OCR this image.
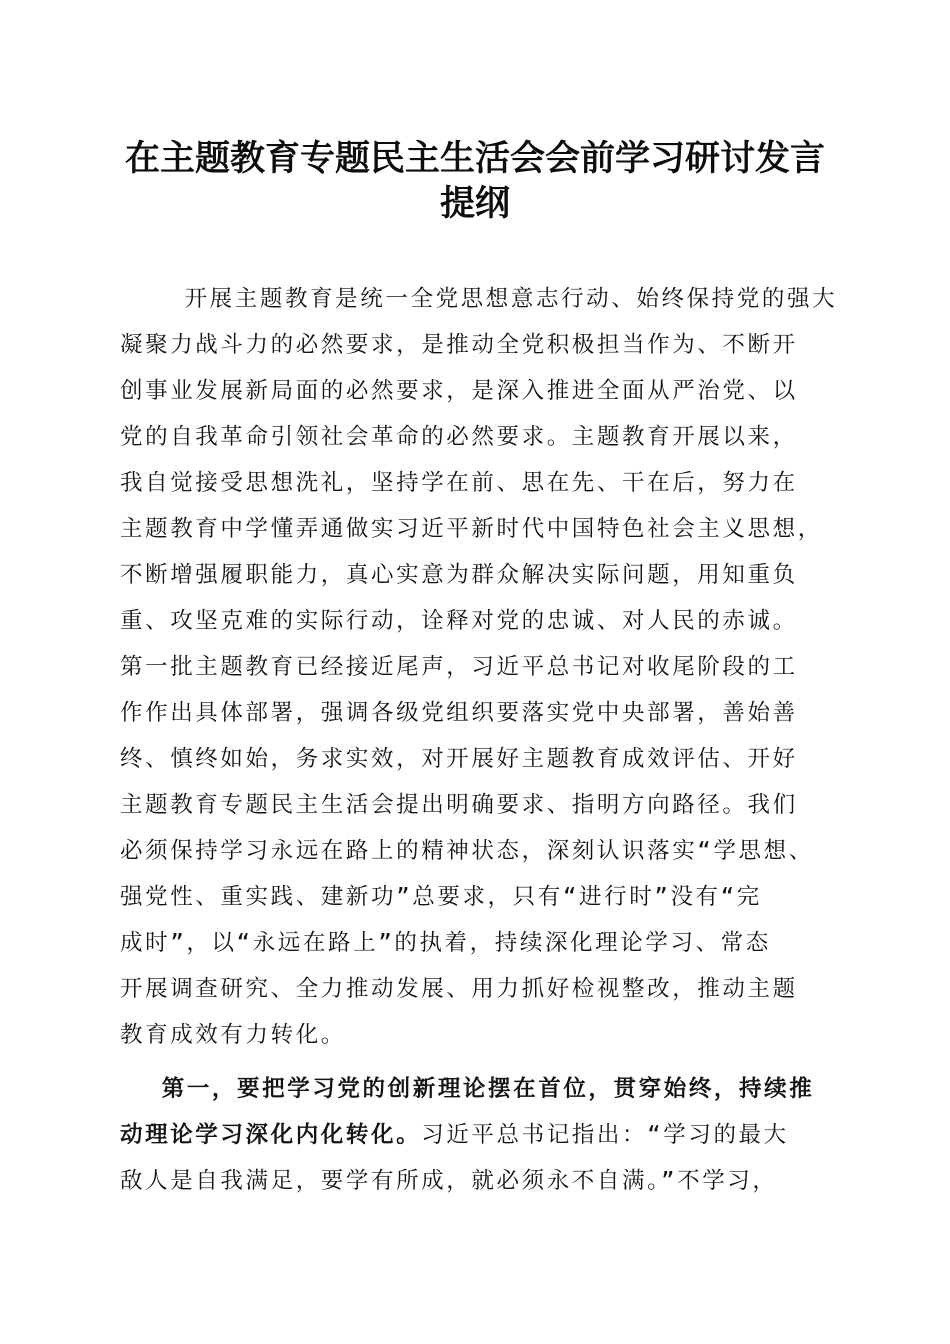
在主题教育专题民主生活会会前学习研讨发言
提纲
开展主题教育是统一全党思想意志行动、始终保持党的强大
凝聚力战斗力的必然要求，是推动全党积极担当作为、不断开
创事业发展新局面的必然要求，是深入推进全面从严治党、以
党的自我革命引领社会革命的必然要求。主题教育开展以来，
我自觉接受思想洗礼，坚持学在前、思在先、干在后，努力在
主题教育中学懂弄通做实习近平新时代中国特色社会主义思想，
不断增强履职能力，真心实意为群众解决实际问题，用知重负
重、攻坚克难的实际行动，诠释对党的忠诚、对人民的赤诚。
第一批主题教育已经接近尾声，习近平总书记对收尾阶段的工
作作出具体部署，强调各级党组织要落实党中央部署，善始善
终、慎终如始，务求实效，对开展好主题教育成效评估、开好
主题教育专题民主生活会提出明确要求、指明方向路径。我们
必须保持学习永远在路上的精神状态，深刻认识落实“学思想、
强党性、重实践、建新功”总要求，只有“进行时”没有“完
成时”，以“永远在路上”的执着，持续深化理论学习、常态
开展调查研究、全力推动发展、用力抓好检视整改，推动主题
教育成效有力转化。
第一，要把学习党的创新理论摆在首位，贯穿始终，持续推
动理论学习深化内化转化。习近平总书记指出：“学习的最大
敌人是自我满足，要学有所成，就必须永不自满。”不学习，
